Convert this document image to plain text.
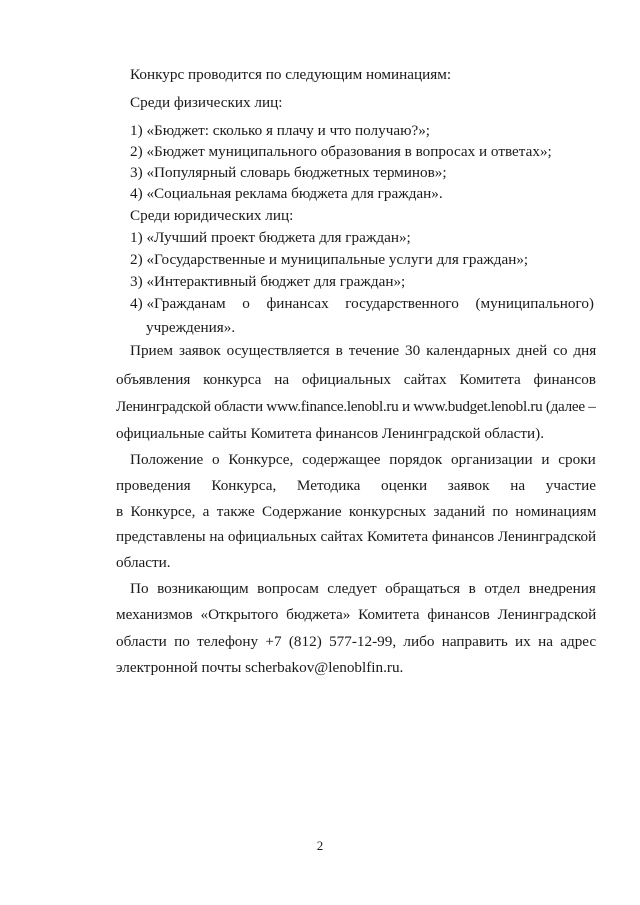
Конкурс проводится по следующим номинациям:
Среди физических лиц:
1) «Бюджет: сколько я плачу и что получаю?»;
2) «Бюджет муниципального образования в вопросах и ответах»;
3) «Популярный словарь бюджетных терминов»;
4) «Социальная реклама бюджета для граждан».
Среди юридических лиц:
1) «Лучший проект бюджета для граждан»;
2) «Государственные и муниципальные услуги для граждан»;
3) «Интерактивный бюджет для граждан»;
4) «Гражданам о финансах государственного (муниципального)
учреждения».
Прием заявок осуществляется в течение 30 календарных дней со дня
объявления конкурса на официальных сайтах Комитета финансов
Ленинградской области www.finance.lenobl.ru и www.budget.lenobl.ru (далее –
официальные сайты Комитета финансов Ленинградской области).
Положение о Конкурсе, содержащее порядок организации и сроки
проведения Конкурса, Методика оценки заявок на участие
в Конкурсе, а также Содержание конкурсных заданий по номинациям
представлены на официальных сайтах Комитета финансов Ленинградской
области.
По возникающим вопросам следует обращаться в отдел внедрения
механизмов «Открытого бюджета» Комитета финансов Ленинградской
области по телефону +7 (812) 577-12-99, либо направить их на адрес
электронной почты scherbakov@lenoblfin.ru.
2
